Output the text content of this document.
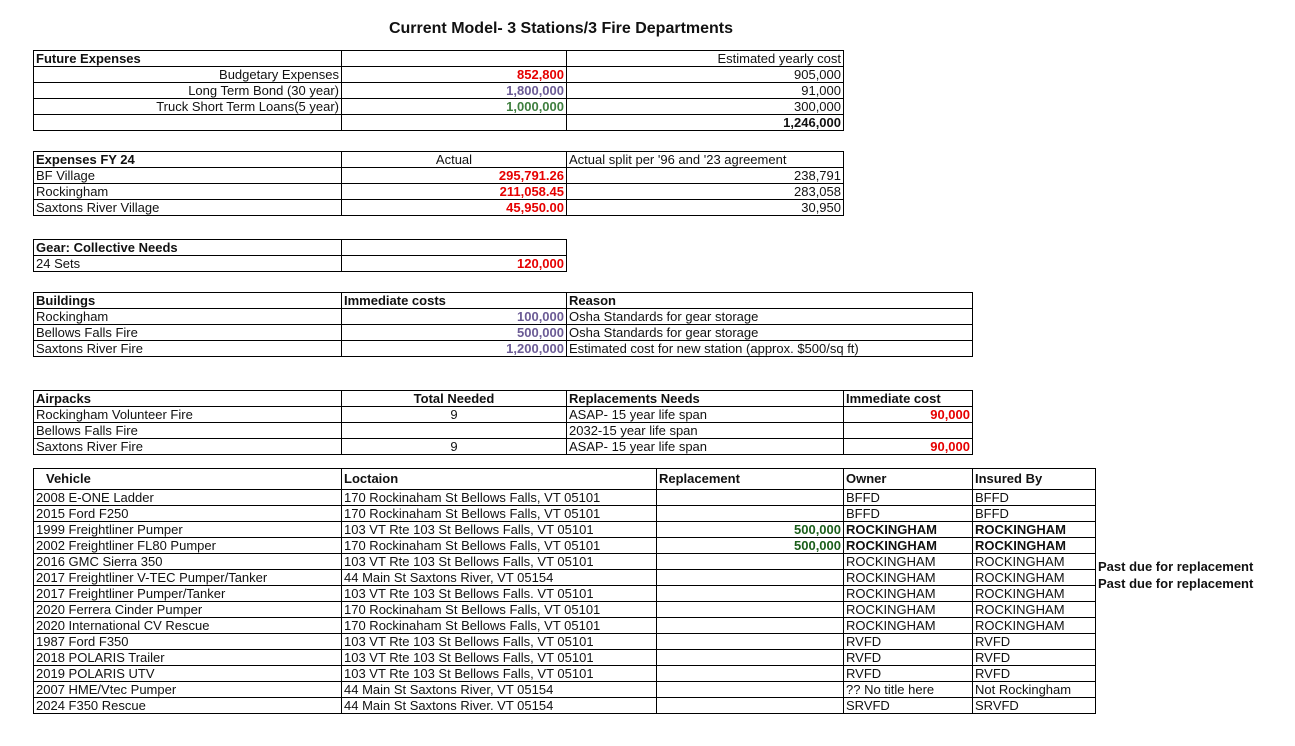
Current Model- 3 Stations/3 Fire Departments
Future Expenses		Estimated yearly cost
Budgetary Expenses	852,800	905,000
Long Term Bond (30 year)	1,800,000	91,000
Truck Short Term Loans(5 year)	1,000,000	300,000
		1,246,000
Expenses FY 24	Actual	Actual split per '96 and '23 agreement
BF Village	295,791.26	238,791
Rockingham	211,058.45	283,058
Saxtons River Village	45,950.00	30,950
Gear: Collective Needs	
24 Sets	120,000
Buildings	Immediate costs	Reason
Rockingham	100,000	Osha Standards for gear storage
Bellows Falls Fire	500,000	Osha Standards for gear storage
Saxtons River Fire	1,200,000	Estimated cost for new station (approx. $500/sq ft)
Airpacks	Total Needed	Replacements Needs	Immediate cost
Rockingham Volunteer Fire	9	ASAP- 15 year life span	90,000
Bellows Falls Fire		2032-15 year life span	
Saxtons River Fire	9	ASAP- 15 year life span	90,000
Vehicle	Loctaion	Replacement	Owner	Insured By
2008 E-ONE Ladder	170 Rockinaham St Bellows Falls, VT 05101		BFFD	BFFD
2015 Ford F250	170 Rockinaham St Bellows Falls, VT 05101		BFFD	BFFD
1999 Freightliner Pumper	103 VT Rte 103 St Bellows Falls, VT 05101	500,000	ROCKINGHAM	ROCKINGHAM
2002 Freightliner FL80 Pumper	170 Rockinaham St Bellows Falls, VT 05101	500,000	ROCKINGHAM	ROCKINGHAM
2016 GMC Sierra 350	103 VT Rte 103 St Bellows Falls, VT 05101		ROCKINGHAM	ROCKINGHAM
2017 Freightliner V-TEC Pumper/Tanker	44 Main St Saxtons River, VT 05154		ROCKINGHAM	ROCKINGHAM
2017 Freightliner Pumper/Tanker	103 VT Rte 103 St Bellows Falls. VT 05101		ROCKINGHAM	ROCKINGHAM
2020 Ferrera Cinder Pumper	170 Rockinaham St Bellows Falls, VT 05101		ROCKINGHAM	ROCKINGHAM
2020 International CV Rescue	170 Rockinaham St Bellows Falls, VT 05101		ROCKINGHAM	ROCKINGHAM
1987 Ford F350	103 VT Rte 103 St Bellows Falls, VT 05101		RVFD	RVFD
2018 POLARIS Trailer	103 VT Rte 103 St Bellows Falls, VT 05101		RVFD	RVFD
2019 POLARIS UTV	103 VT Rte 103 St Bellows Falls, VT 05101		RVFD	RVFD
2007 HME/Vtec Pumper	44 Main St Saxtons River, VT 05154		?? No title here	Not Rockingham
2024 F350 Rescue	44 Main St Saxtons River. VT 05154		SRVFD	SRVFD
Past due for replacement
Past due for replacement
